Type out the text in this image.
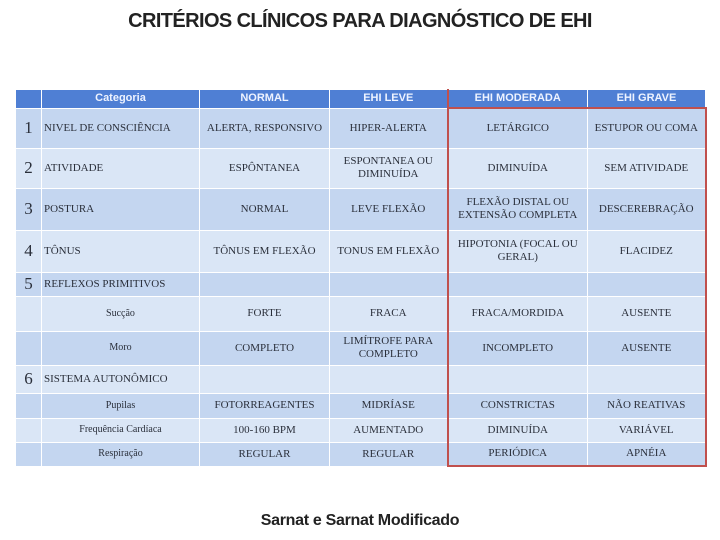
CRITÉRIOS CLÍNICOS PARA DIAGNÓSTICO DE EHI
	Categoria	NORMAL	EHI LEVE	EHI MODERADA	EHI GRAVE
1	NIVEL DE CONSCIÊNCIA	ALERTA, RESPONSIVO	HIPER-ALERTA	LETÁRGICO	ESTUPOR OU COMA
2	ATIVIDADE	ESPÔNTANEA	ESPONTANEA OU DIMINUÍDA	DIMINUÍDA	SEM ATIVIDADE
3	POSTURA	NORMAL	LEVE FLEXÃO	FLEXÃO DISTAL OU EXTENSÃO COMPLETA	DESCEREBRAÇÃO
4	TÔNUS	TÔNUS EM FLEXÃO	TONUS EM FLEXÃO	HIPOTONIA (FOCAL OU GERAL)	FLACIDEZ
5	REFLEXOS PRIMITIVOS				
	Sucção	FORTE	FRACA	FRACA/MORDIDA	AUSENTE
	Moro	COMPLETO	LIMÍTROFE PARA COMPLETO	INCOMPLETO	AUSENTE
6	SISTEMA AUTONÔMICO				
	Pupilas	FOTORREAGENTES	MIDRÍASE	CONSTRICTAS	NÃO REATIVAS
	Frequência Cardíaca	100-160 BPM	AUMENTADO	DIMINUÍDA	VARIÁVEL
	Respiração	REGULAR	REGULAR	PERIÓDICA	APNÉIA
Sarnat e Sarnat Modificado
